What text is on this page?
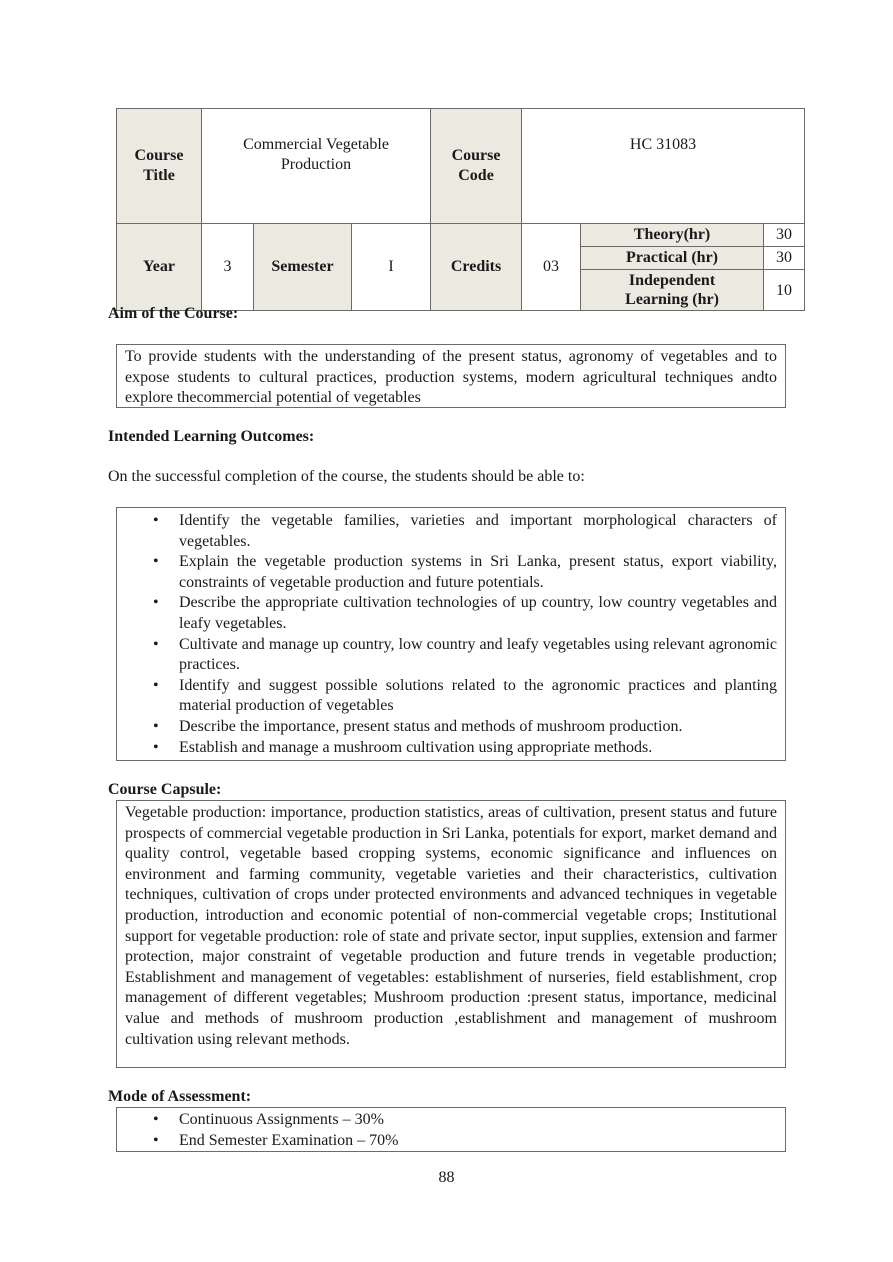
Course Title	Commercial Vegetable Production			Course Code	HC 31083		
Year	3	Semester	I	Credits	03	Theory(hr)	30
						Practical (hr)	30
						Independent Learning (hr)	10
Aim of the Course:
To provide students with the understanding of the present status, agronomy of vegetables and to expose students to cultural practices, production systems, modern agricultural techniques andto explore thecommercial potential of vegetables
Intended Learning Outcomes:
On the successful completion of the course, the students should be able to:
• Identify the vegetable families, varieties and important morphological characters of vegetables.
• Explain the vegetable production systems in Sri Lanka, present status, export viability, constraints of vegetable production and future potentials.
• Describe the appropriate cultivation technologies of up country, low country vegetables and leafy vegetables.
• Cultivate and manage up country, low country and leafy vegetables using relevant agronomic practices.
• Identify and suggest possible solutions related to the agronomic practices and planting material production of vegetables
• Describe the importance, present status and methods of mushroom production.
• Establish and manage a mushroom cultivation using appropriate methods.
Course Capsule:
Vegetable production: importance, production statistics, areas of cultivation, present status and future prospects of commercial vegetable production in Sri Lanka, potentials for export, market demand and quality control, vegetable based cropping systems, economic significance and influences on environment and farming community, vegetable varieties and their characteristics, cultivation techniques, cultivation of crops under protected environments and advanced techniques in vegetable production, introduction and economic potential of non-commercial vegetable crops; Institutional support for vegetable production: role of state and private sector, input supplies, extension and farmer protection, major constraint of vegetable production and future trends in vegetable production; Establishment and management of vegetables: establishment of nurseries, field establishment, crop management of different vegetables; Mushroom production :present status, importance, medicinal value and methods of mushroom production ,establishment and management of mushroom cultivation using relevant methods.
Mode of Assessment:
• Continuous Assignments – 30%
• End Semester Examination – 70%
88
